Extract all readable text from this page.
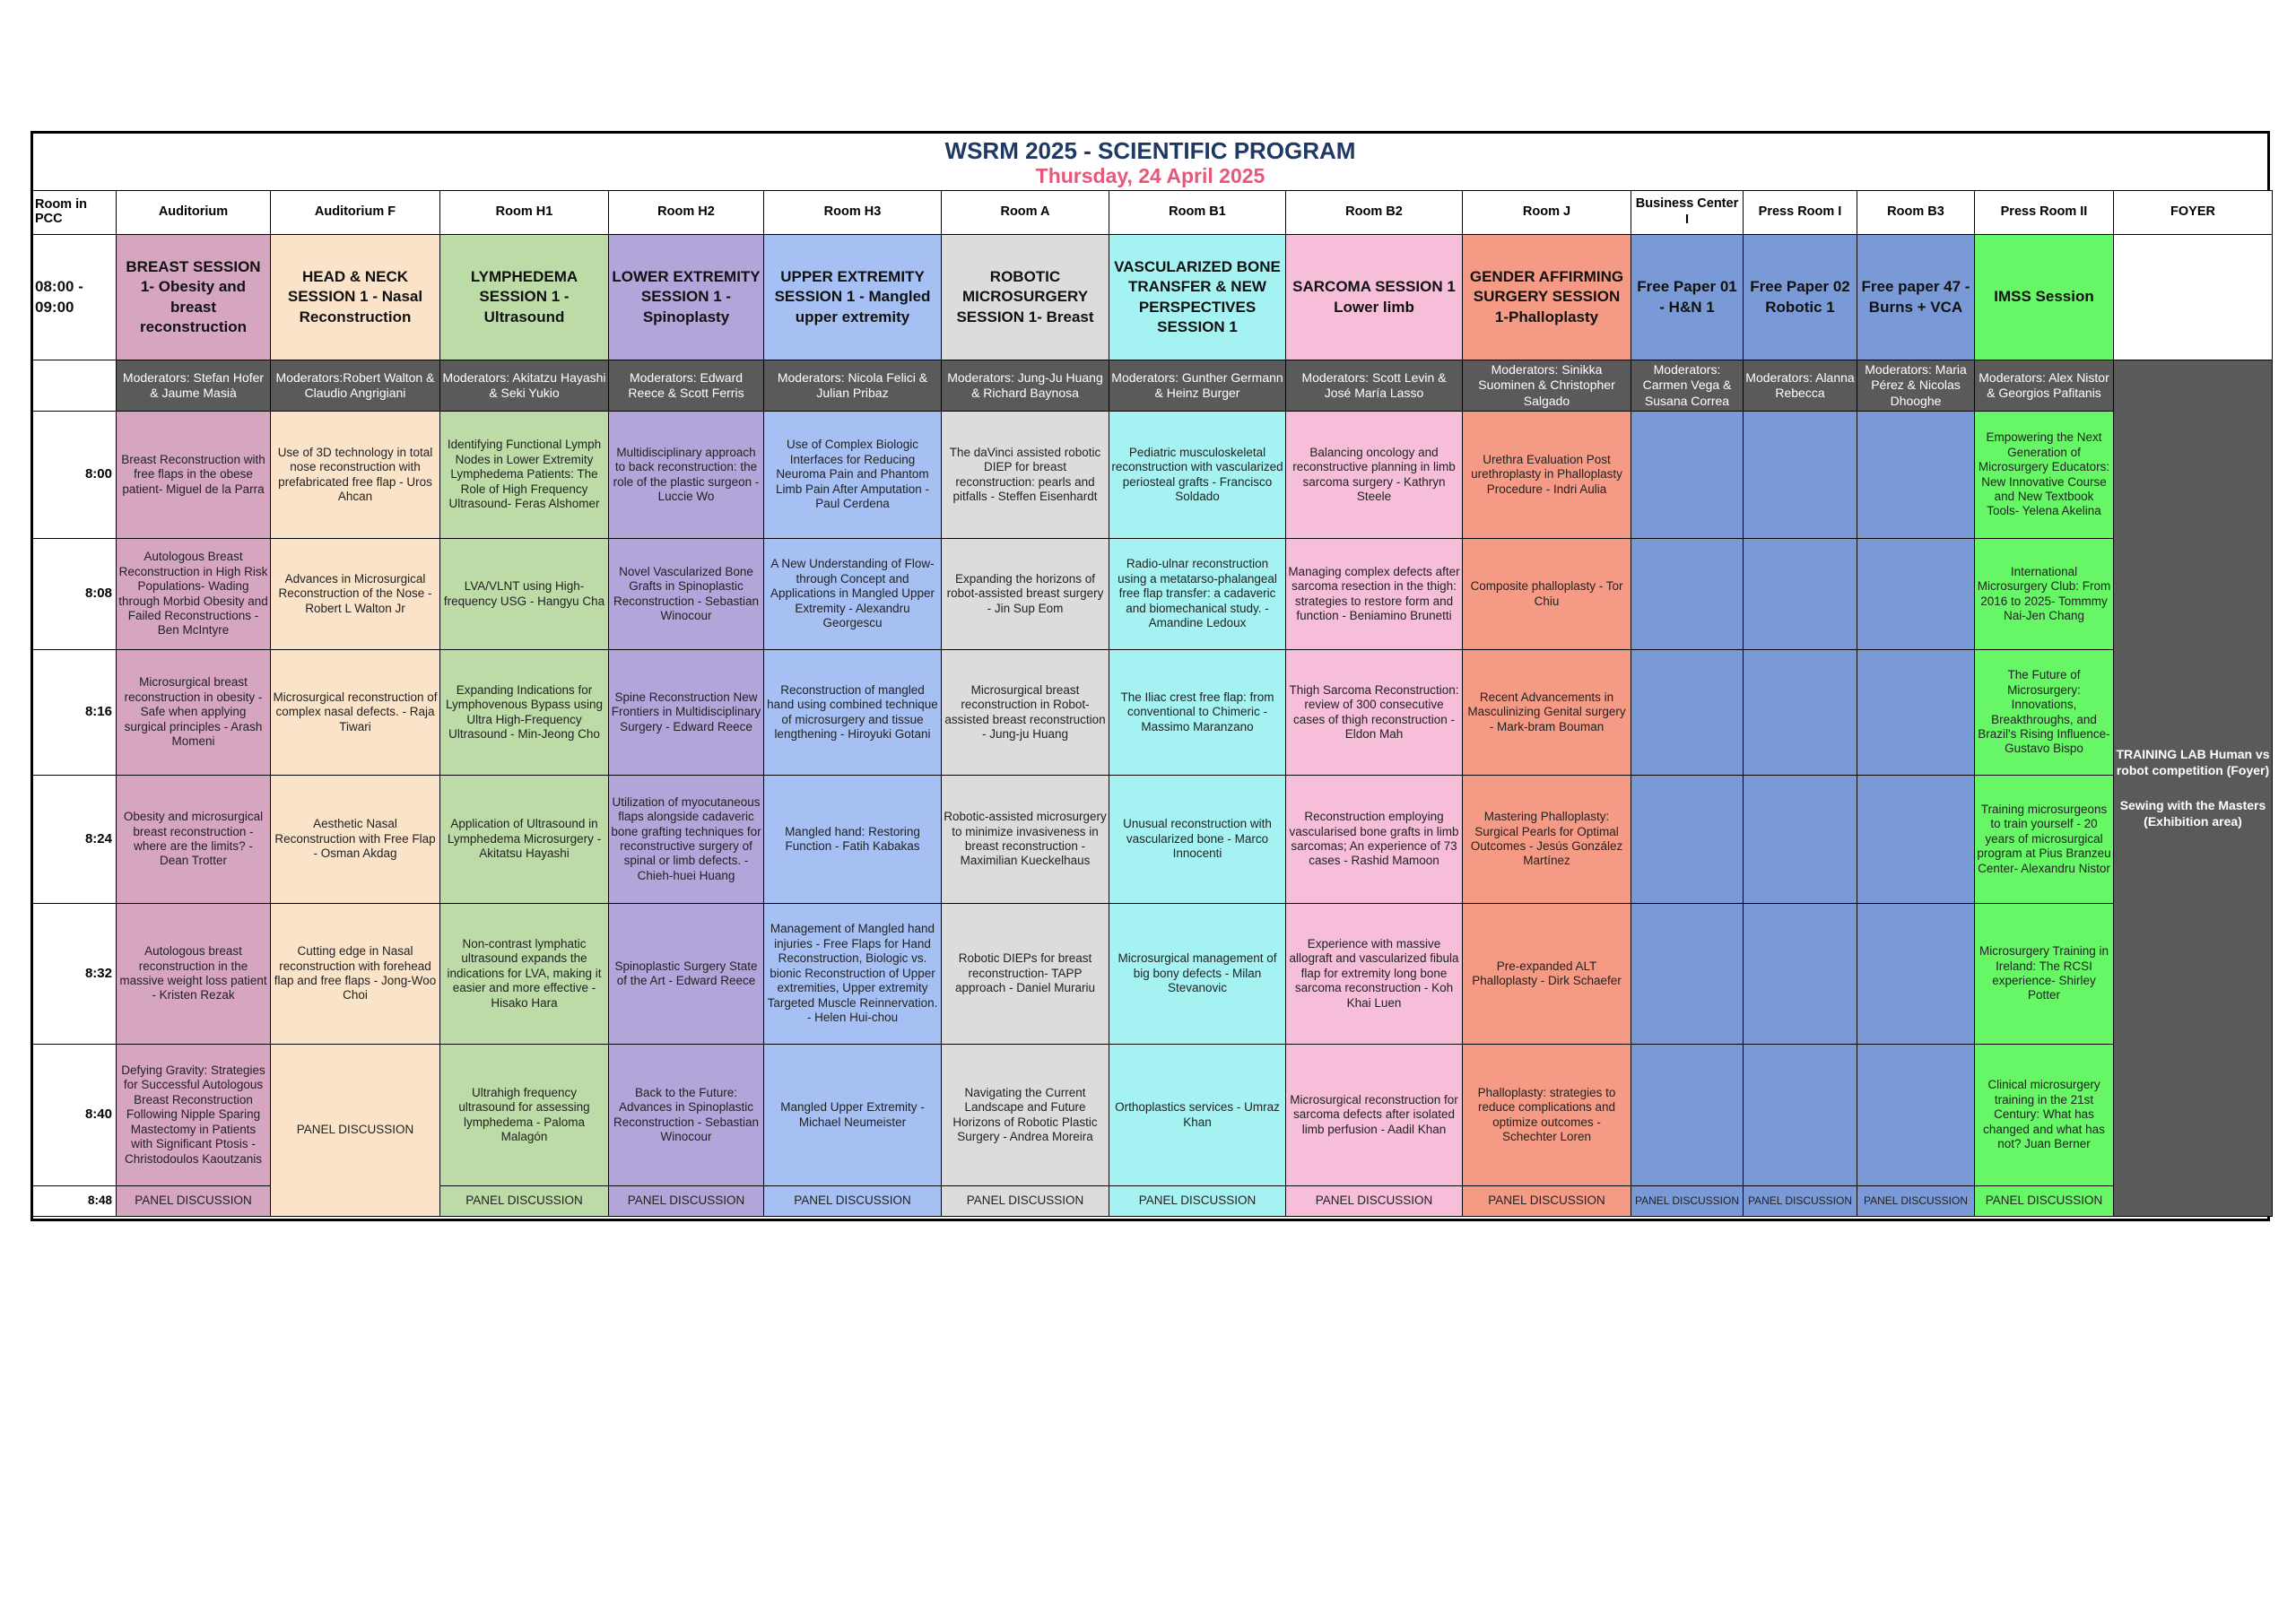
WSRM 2025 - SCIENTIFIC PROGRAM
Thursday, 24 April 2025
Room in PCC	Auditorium	Auditorium F	Room H1	Room H2	Room H3	Room A	Room B1	Room B2	Room J	Business Center I	Press Room I	Room B3	Press Room II	FOYER
08:00 - 09:00	BREAST SESSION 1- Obesity and breast reconstruction	HEAD & NECK SESSION 1 - Nasal Reconstruction	LYMPHEDEMA SESSION 1 - Ultrasound	LOWER EXTREMITY SESSION 1 - Spinoplasty	UPPER EXTREMITY SESSION 1 - Mangled upper extremity	ROBOTIC MICROSURGERY SESSION 1- Breast	VASCULARIZED BONE TRANSFER & NEW PERSPECTIVES SESSION 1	SARCOMA SESSION 1 Lower limb	GENDER AFFIRMING SURGERY SESSION 1-Phalloplasty	Free Paper 01 - H&N 1	Free Paper 02 Robotic 1	Free paper 47 - Burns + VCA	IMSS Session	
	Moderators: Stefan Hofer & Jaume Masià	Moderators:Robert Walton & Claudio Angrigiani	Moderators: Akitatzu Hayashi & Seki Yukio	Moderators: Edward Reece & Scott Ferris	Moderators: Nicola Felici & Julian Pribaz	Moderators: Jung-Ju Huang & Richard Baynosa	Moderators: Gunther Germann & Heinz Burger	Moderators: Scott Levin & José María Lasso	Moderators: Sinikka Suominen & Christopher Salgado	Moderators: Carmen Vega & Susana Correa	Moderators: Alanna Rebecca	Moderators: Maria Pérez & Nicolas Dhooghe	Moderators: Alex Nistor & Georgios Pafitanis	TRAINING LAB Human vs robot competition (Foyer)
Sewing with the Masters (Exhibition area)

8:00	Breast Reconstruction with free flaps in the obese patient- Miguel de la Parra	Use of 3D technology in total nose reconstruction with prefabricated free flap - Uros Ahcan	Identifying Functional Lymph Nodes in Lower Extremity Lymphedema Patients: The Role of High Frequency Ultrasound- Feras Alshomer	Multidisciplinary approach to back reconstruction: the role of the plastic surgeon - Luccie Wo	Use of Complex Biologic Interfaces for Reducing Neuroma Pain and Phantom Limb Pain After Amputation - Paul Cerdena	The daVinci assisted robotic DIEP for breast reconstruction: pearls and pitfalls - Steffen Eisenhardt	Pediatric musculoskeletal reconstruction with vascularized periosteal grafts - Francisco Soldado	Balancing oncology and reconstructive planning in limb sarcoma surgery - Kathryn Steele	Urethra Evaluation Post urethroplasty in Phalloplasty Procedure - Indri Aulia				Empowering the Next Generation of Microsurgery Educators: New Innovative Course and New Textbook Tools- Yelena Akelina	
8:08	Autologous Breast Reconstruction in High Risk Populations- Wading through Morbid Obesity and Failed Reconstructions - Ben McIntyre	Advances in Microsurgical Reconstruction of the Nose - Robert L Walton Jr	LVA/VLNT using High-frequency USG - Hangyu Cha	Novel Vascularized Bone Grafts in Spinoplastic Reconstruction - Sebastian Winocour	A New Understanding of Flow-through Concept and Applications in Mangled Upper Extremity - Alexandru Georgescu	Expanding the horizons of robot-assisted breast surgery - Jin Sup Eom	Radio-ulnar reconstruction using a metatarso-phalangeal free flap transfer: a cadaveric and biomechanical study. - Amandine Ledoux	Managing complex defects after sarcoma resection in the thigh: strategies to restore form and function - Beniamino Brunetti	Composite phalloplasty - Tor Chiu				International Microsurgery Club: From 2016 to 2025- Tommmy Nai-Jen Chang	
8:16	Microsurgical breast reconstruction in obesity - Safe when applying surgical principles - Arash Momeni	Microsurgical reconstruction of complex nasal defects. - Raja Tiwari	Expanding Indications for Lymphovenous Bypass using Ultra High-Frequency Ultrasound - Min-Jeong Cho	Spine Reconstruction New Frontiers in Multidisciplinary Surgery - Edward Reece	Reconstruction of mangled hand using combined technique of microsurgery and tissue lengthening - Hiroyuki Gotani	Microsurgical breast reconstruction in Robot-assisted breast reconstruction - Jung-ju Huang	The Iliac crest free flap: from conventional to Chimeric - Massimo Maranzano	Thigh Sarcoma Reconstruction: review of 300 consecutive cases of thigh reconstruction - Eldon Mah	Recent Advancements in Masculinizing Genital surgery - Mark-bram Bouman				The Future of Microsurgery: Innovations, Breakthroughs, and Brazil's Rising Influence- Gustavo Bispo	
8:24	Obesity and microsurgical breast reconstruction - where are the limits? - Dean Trotter	Aesthetic Nasal Reconstruction with Free Flap - Osman Akdag	Application of Ultrasound in Lymphedema Microsurgery - Akitatsu Hayashi	Utilization of myocutaneous flaps alongside cadaveric bone grafting techniques for reconstructive surgery of spinal or limb defects. - Chieh-huei Huang	Mangled hand: Restoring Function - Fatih Kabakas	Robotic-assisted microsurgery to minimize invasiveness in breast reconstruction - Maximilian Kueckelhaus	Unusual reconstruction with vascularized bone - Marco Innocenti	Reconstruction employing vascularised bone grafts in limb sarcomas; An experience of 73 cases - Rashid Mamoon	Mastering Phalloplasty: Surgical Pearls for Optimal Outcomes - Jesús González Martínez				Training microsurgeons to train yourself - 20 years of microsurgical program at Pius Branzeu Center- Alexandru Nistor	
8:32	Autologous breast reconstruction in the massive weight loss patient - Kristen Rezak	Cutting edge in Nasal reconstruction with forehead flap and free flaps - Jong-Woo Choi	Non-contrast lymphatic ultrasound expands the indications for LVA, making it easier and more effective - Hisako Hara	Spinoplastic Surgery State of the Art - Edward Reece	Management of Mangled hand injuries - Free Flaps for Hand Reconstruction, Biologic vs. bionic Reconstruction of Upper extremities, Upper extremity Targeted Muscle Reinnervation. - Helen Hui-chou	Robotic DIEPs for breast reconstruction- TAPP approach - Daniel Murariu	Microsurgical management of big bony defects - Milan Stevanovic	Experience with massive allograft and vascularized fibula flap for extremity long bone sarcoma reconstruction - Koh Khai Luen	Pre-expanded ALT Phalloplasty - Dirk Schaefer				Microsurgery Training in Ireland: The RCSI experience- Shirley Potter	
8:40	Defying Gravity: Strategies for Successful Autologous Breast Reconstruction Following Nipple Sparing Mastectomy in Patients with Significant Ptosis - Christodoulos Kaoutzanis	PANEL DISCUSSION	Ultrahigh frequency ultrasound for assessing lymphedema - Paloma Malagón	Back to the Future: Advances in Spinoplastic Reconstruction - Sebastian Winocour	Mangled Upper Extremity - Michael Neumeister	Navigating the Current Landscape and Future Horizons of Robotic Plastic Surgery - Andrea Moreira	Orthoplastics services - Umraz Khan	Microsurgical reconstruction for sarcoma defects after isolated limb perfusion - Aadil Khan	Phalloplasty: strategies to reduce complications and optimize outcomes - Schechter Loren				Clinical microsurgery training in the 21st Century: What has changed and what has not? Juan Berner	
8:48	PANEL DISCUSSION		PANEL DISCUSSION	PANEL DISCUSSION	PANEL DISCUSSION	PANEL DISCUSSION	PANEL DISCUSSION	PANEL DISCUSSION	PANEL DISCUSSION	PANEL DISCUSSION	PANEL DISCUSSION	PANEL DISCUSSION	PANEL DISCUSSION	
